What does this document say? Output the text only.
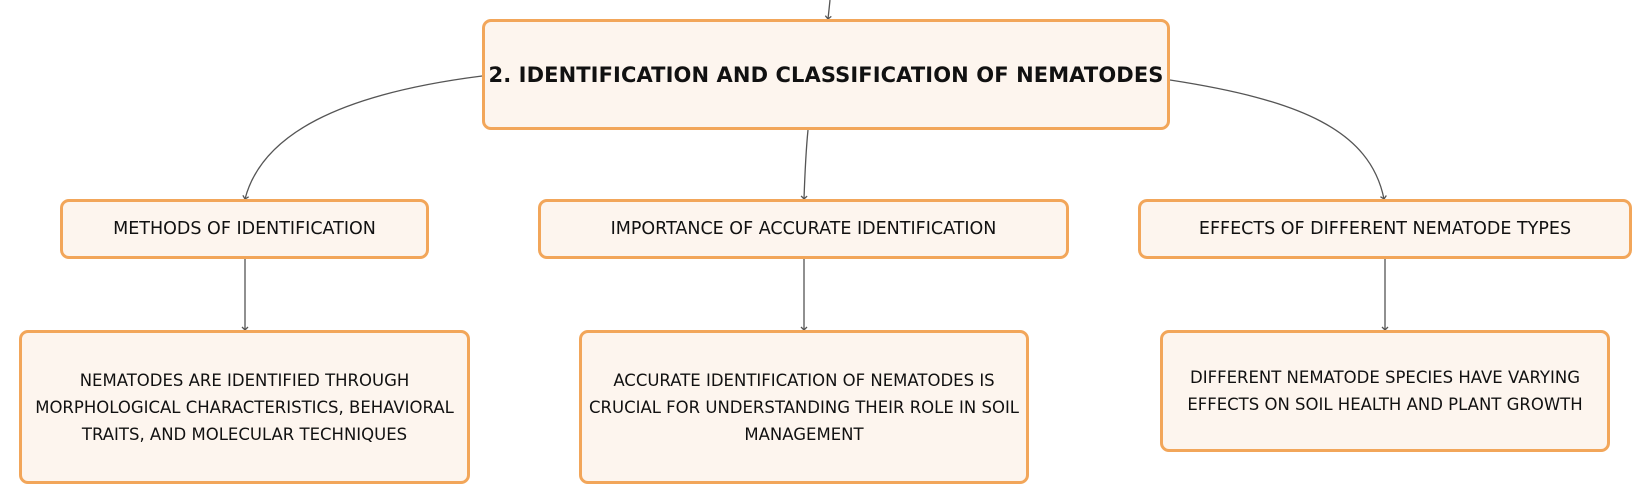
2. IDENTIFICATION AND CLASSIFICATION OF NEMATODES
METHODS OF IDENTIFICATION	IMPORTANCE OF ACCURATE IDENTIFICATION	EFFECTS OF DIFFERENT NEMATODE TYPES
NEMATODES ARE IDENTIFIED THROUGH MORPHOLOGICAL CHARACTERISTICS, BEHAVIORAL TRAITS, AND MOLECULAR TECHNIQUES
ACCURATE IDENTIFICATION OF NEMATODES IS CRUCIAL FOR UNDERSTANDING THEIR ROLE IN SOIL MANAGEMENT
DIFFERENT NEMATODE SPECIES HAVE VARYING EFFECTS ON SOIL HEALTH AND PLANT GROWTH
